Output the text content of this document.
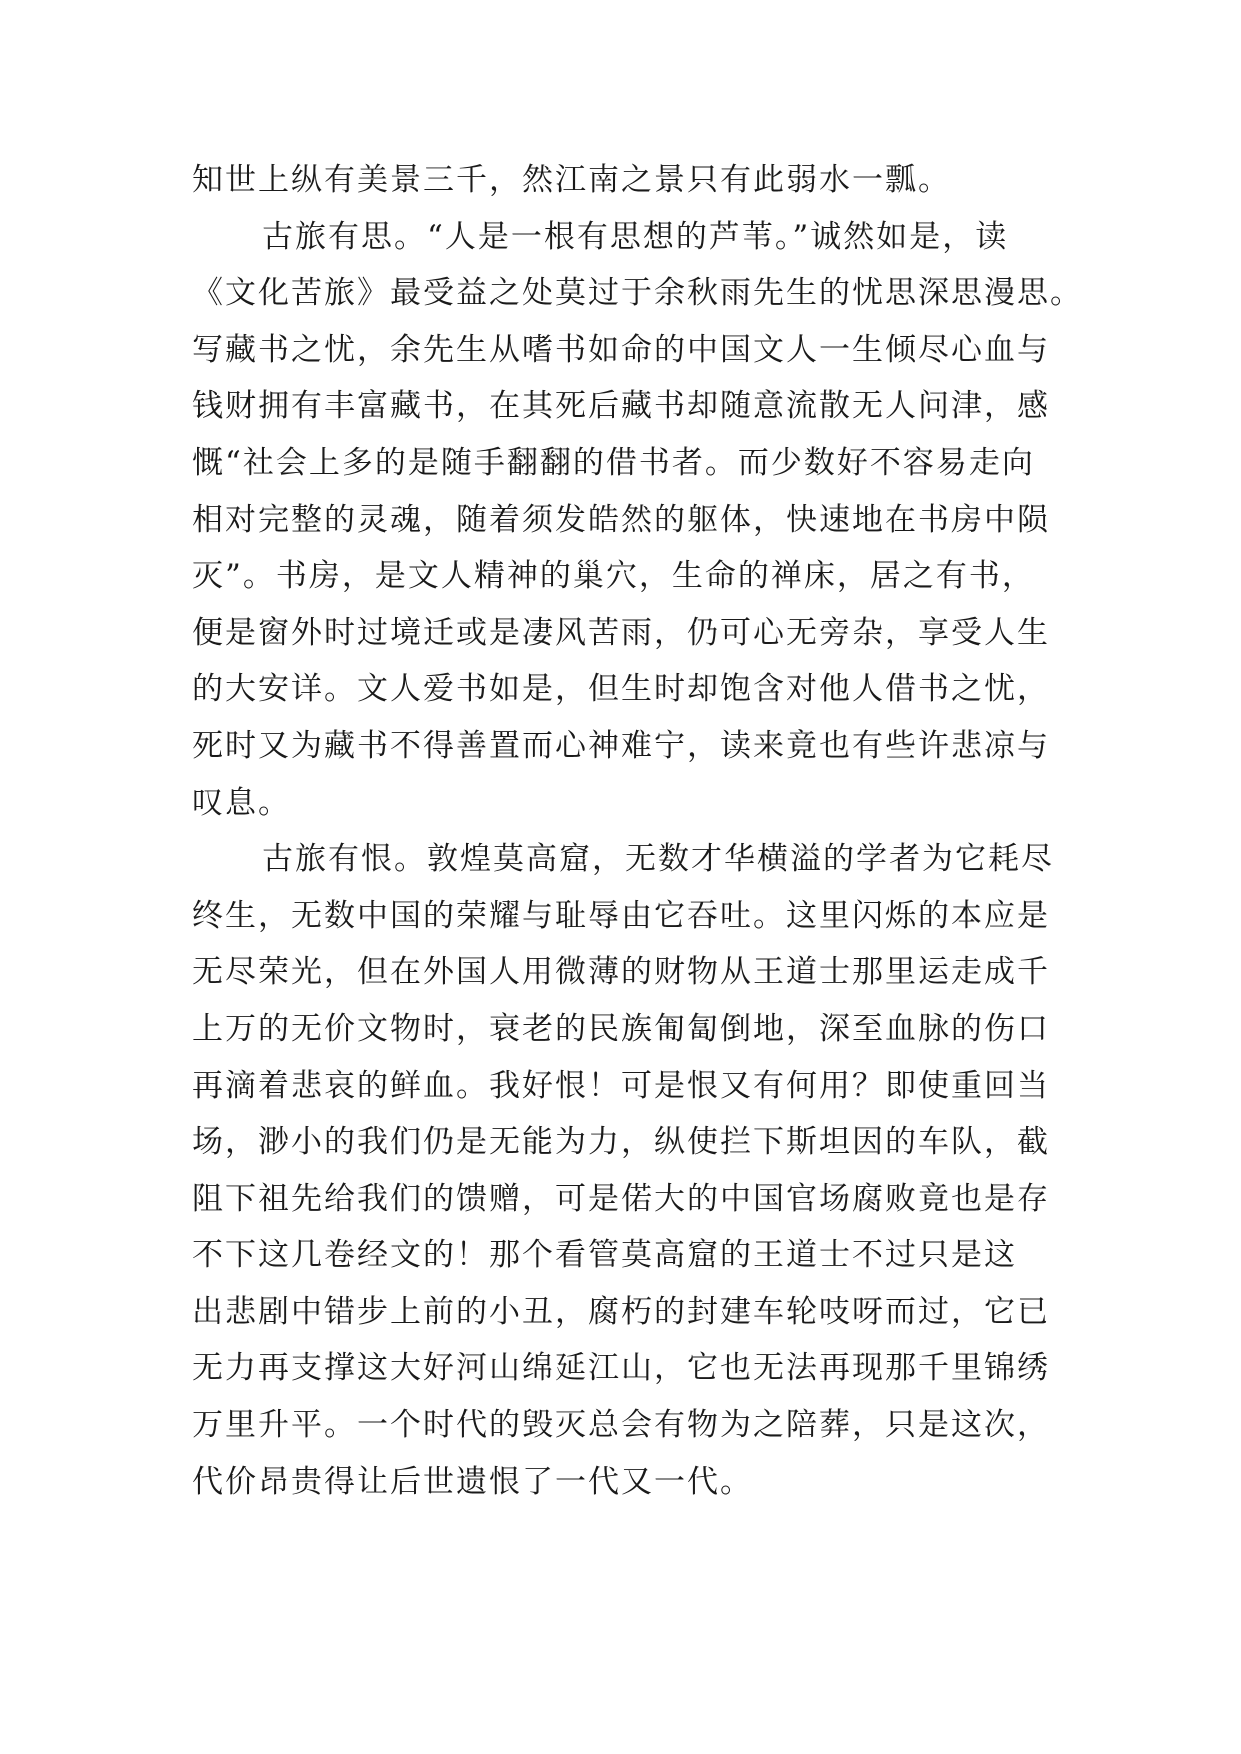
知世上纵有美景三千，然江南之景只有此弱水一瓢。
古旅有思。“人是一根有思想的芦苇。”诚然如是，读
《文化苦旅》最受益之处莫过于余秋雨先生的忧思深思漫思。
写藏书之忧，余先生从嗜书如命的中国文人一生倾尽心血与
钱财拥有丰富藏书，在其死后藏书却随意流散无人问津，感
慨“社会上多的是随手翻翻的借书者。而少数好不容易走向
相对完整的灵魂，随着须发皓然的躯体，快速地在书房中陨
灭”。书房，是文人精神的巢穴，生命的禅床，居之有书，
便是窗外时过境迁或是凄风苦雨，仍可心无旁杂，享受人生
的大安详。文人爱书如是，但生时却饱含对他人借书之忧，
死时又为藏书不得善置而心神难宁，读来竟也有些许悲凉与
叹息。
古旅有恨。敦煌莫高窟，无数才华横溢的学者为它耗尽
终生，无数中国的荣耀与耻辱由它吞吐。这里闪烁的本应是
无尽荣光，但在外国人用微薄的财物从王道士那里运走成千
上万的无价文物时，衰老的民族匍匐倒地，深至血脉的伤口
再滴着悲哀的鲜血。我好恨！可是恨又有何用？即使重回当
场，渺小的我们仍是无能为力，纵使拦下斯坦因的车队，截
阻下祖先给我们的馈赠，可是偌大的中国官场腐败竟也是存
不下这几卷经文的！那个看管莫高窟的王道士不过只是这
出悲剧中错步上前的小丑，腐朽的封建车轮吱呀而过，它已
无力再支撑这大好河山绵延江山，它也无法再现那千里锦绣
万里升平。一个时代的毁灭总会有物为之陪葬，只是这次，
代价昂贵得让后世遗恨了一代又一代。
